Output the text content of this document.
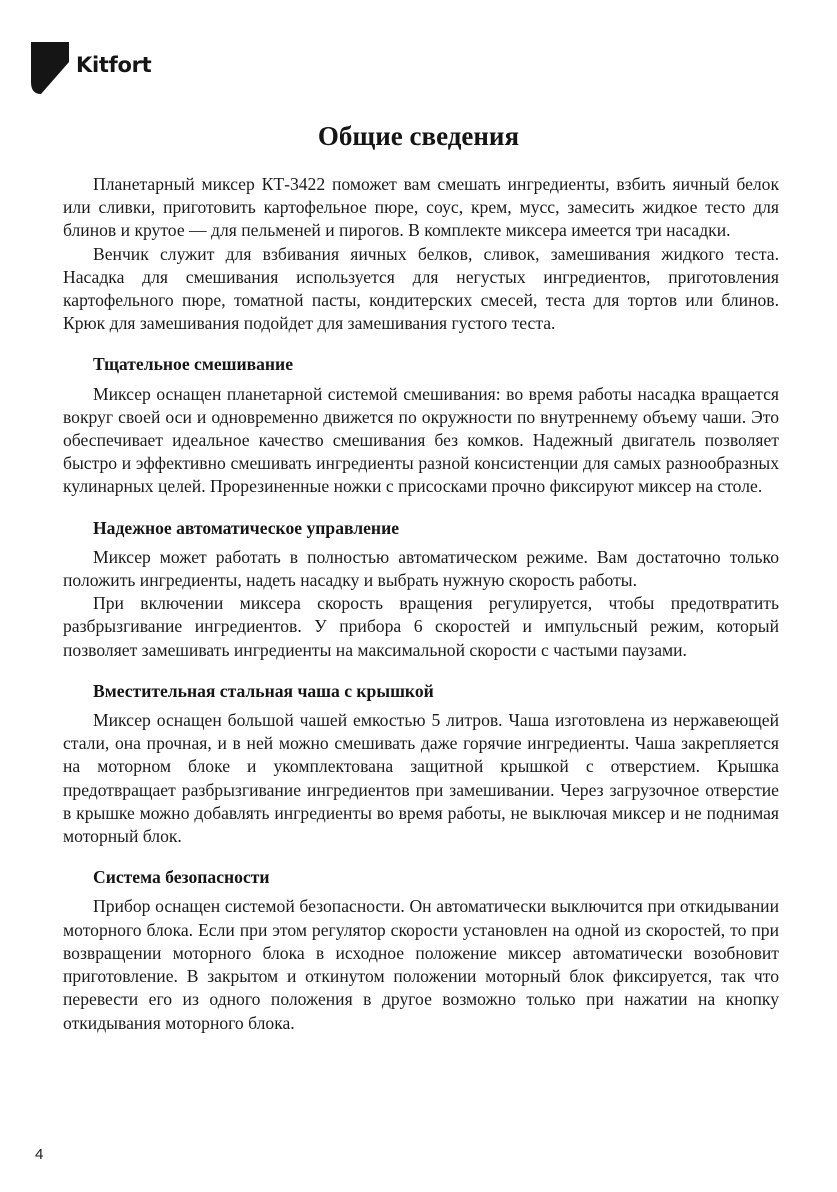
Kitfort
Общие сведения

Планетарный миксер КТ-3422 поможет вам смешать ингредиенты, взбить яичный белок или сливки, приготовить картофельное пюре, соус, крем, мусс, замесить жидкое тесто для блинов и крутое — для пельменей и пирогов. В комплекте миксера имеется три насадки.

Венчик служит для взбивания яичных белков, сливок, замешивания жидкого теста. Насадка для смешивания используется для негустых ингредиентов, приготовления картофельного пюре, томатной пасты, кондитерских смесей, теста для тортов или блинов. Крюк для замешивания подойдет для замешивания густого теста.

Тщательное смешивание

Миксер оснащен планетарной системой смешивания: во время работы насадка вращается вокруг своей оси и одновременно движется по окружности по внутреннему объему чаши. Это обеспечивает идеальное качество смешивания без комков. Надежный двигатель позволяет быстро и эффективно смешивать ингредиенты разной консистенции для самых разнообразных кулинарных целей. Прорезиненные ножки с присосками прочно фиксируют миксер на столе.

Надежное автоматическое управление

Миксер может работать в полностью автоматическом режиме. Вам достаточно только положить ингредиенты, надеть насадку и выбрать нужную скорость работы.

При включении миксера скорость вращения регулируется, чтобы предотвратить разбрызгивание ингредиентов. У прибора 6 скоростей и импульсный режим, который позволяет замешивать ингредиенты на максимальной скорости с частыми паузами.

Вместительная стальная чаша с крышкой

Миксер оснащен большой чашей емкостью 5 литров. Чаша изготовлена из нержавеющей стали, она прочная, и в ней можно смешивать даже горячие ингредиенты. Чаша закрепляется на моторном блоке и укомплектована защитной крышкой с отверстием. Крышка предотвращает разбрызгивание ингредиентов при замешивании. Через загрузочное отверстие в крышке можно добавлять ингредиенты во время работы, не выключая миксер и не поднимая моторный блок.

Система безопасности

Прибор оснащен системой безопасности. Он автоматически выключится при откидывании моторного блока. Если при этом регулятор скорости установлен на одной из скоростей, то при возвращении моторного блока в исходное положение миксер автоматически возобновит приготовление. В закрытом и откинутом положении моторный блок фиксируется, так что перевести его из одного положения в другое возможно только при нажатии на кнопку откидывания моторного блока.

4
